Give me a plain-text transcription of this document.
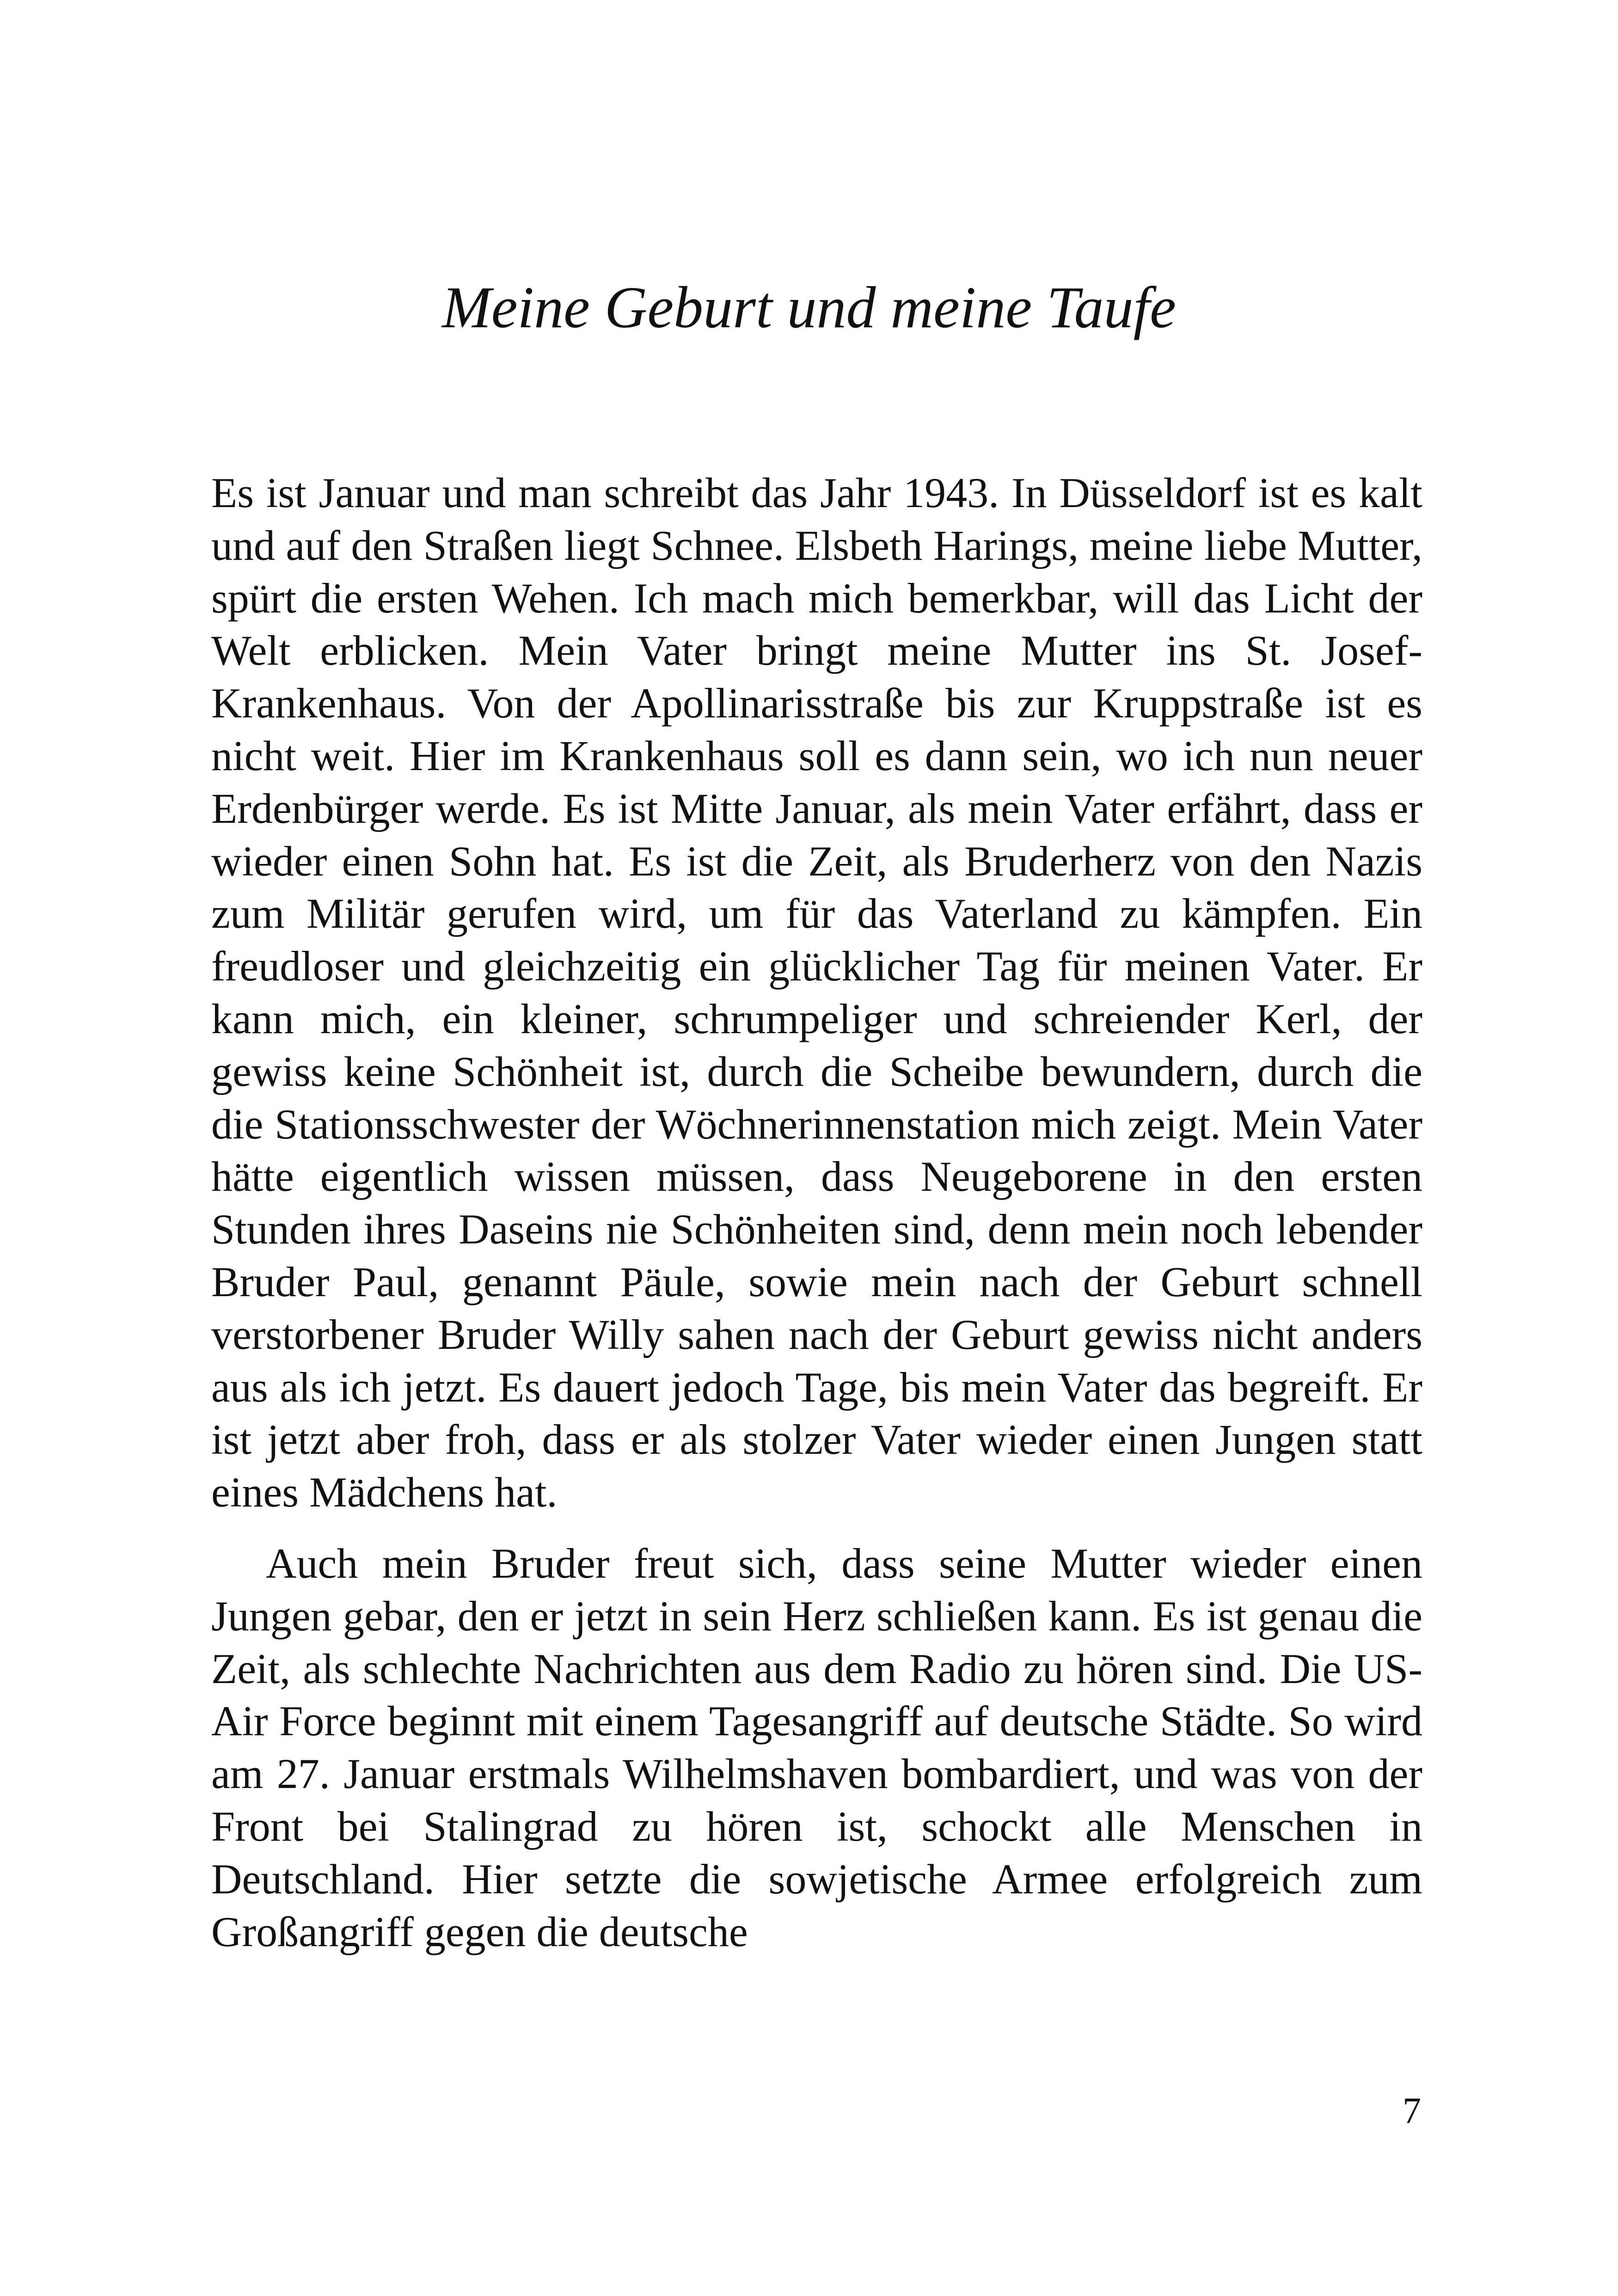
Meine Geburt und meine Taufe

Es ist Januar und man schreibt das Jahr 1943. In Düsseldorf ist es kalt und auf den Straßen liegt Schnee. Elsbeth Harings, meine liebe Mutter, spürt die ersten Wehen. Ich mach mich bemerkbar, will das Licht der Welt erblicken. Mein Vater bringt meine Mutter ins St. Josef-Krankenhaus. Von der Apollinarisstraße bis zur Kruppstraße ist es nicht weit. Hier im Krankenhaus soll es dann sein, wo ich nun neuer Erdenbürger werde. Es ist Mitte Januar, als mein Vater erfährt, dass er wieder einen Sohn hat. Es ist die Zeit, als Bruderherz von den Nazis zum Militär gerufen wird, um für das Vaterland zu kämpfen. Ein freudloser und gleichzeitig ein glücklicher Tag für meinen Vater. Er kann mich, ein kleiner, schrumpeliger und schreiender Kerl, der gewiss keine Schönheit ist, durch die Scheibe bewundern, durch die die Stationsschwester der Wöchnerinnenstation mich zeigt. Mein Vater hätte eigentlich wissen müssen, dass Neugeborene in den ersten Stunden ihres Daseins nie Schönheiten sind, denn mein noch lebender Bruder Paul, genannt Päule, sowie mein nach der Geburt schnell verstorbener Bruder Willy sahen nach der Geburt gewiss nicht anders aus als ich jetzt. Es dauert jedoch Tage, bis mein Vater das begreift. Er ist jetzt aber froh, dass er als stolzer Vater wieder einen Jungen statt eines Mädchens hat.

Auch mein Bruder freut sich, dass seine Mutter wieder einen Jungen gebar, den er jetzt in sein Herz schließen kann. Es ist genau die Zeit, als schlechte Nachrichten aus dem Radio zu hören sind. Die US-Air Force beginnt mit einem Tagesangriff auf deutsche Städte. So wird am 27. Januar erstmals Wilhelmshaven bombardiert, und was von der Front bei Stalingrad zu hören ist, schockt alle Menschen in Deutschland. Hier setzte die sowjetische Armee erfolgreich zum Großangriff gegen die deutsche

7
